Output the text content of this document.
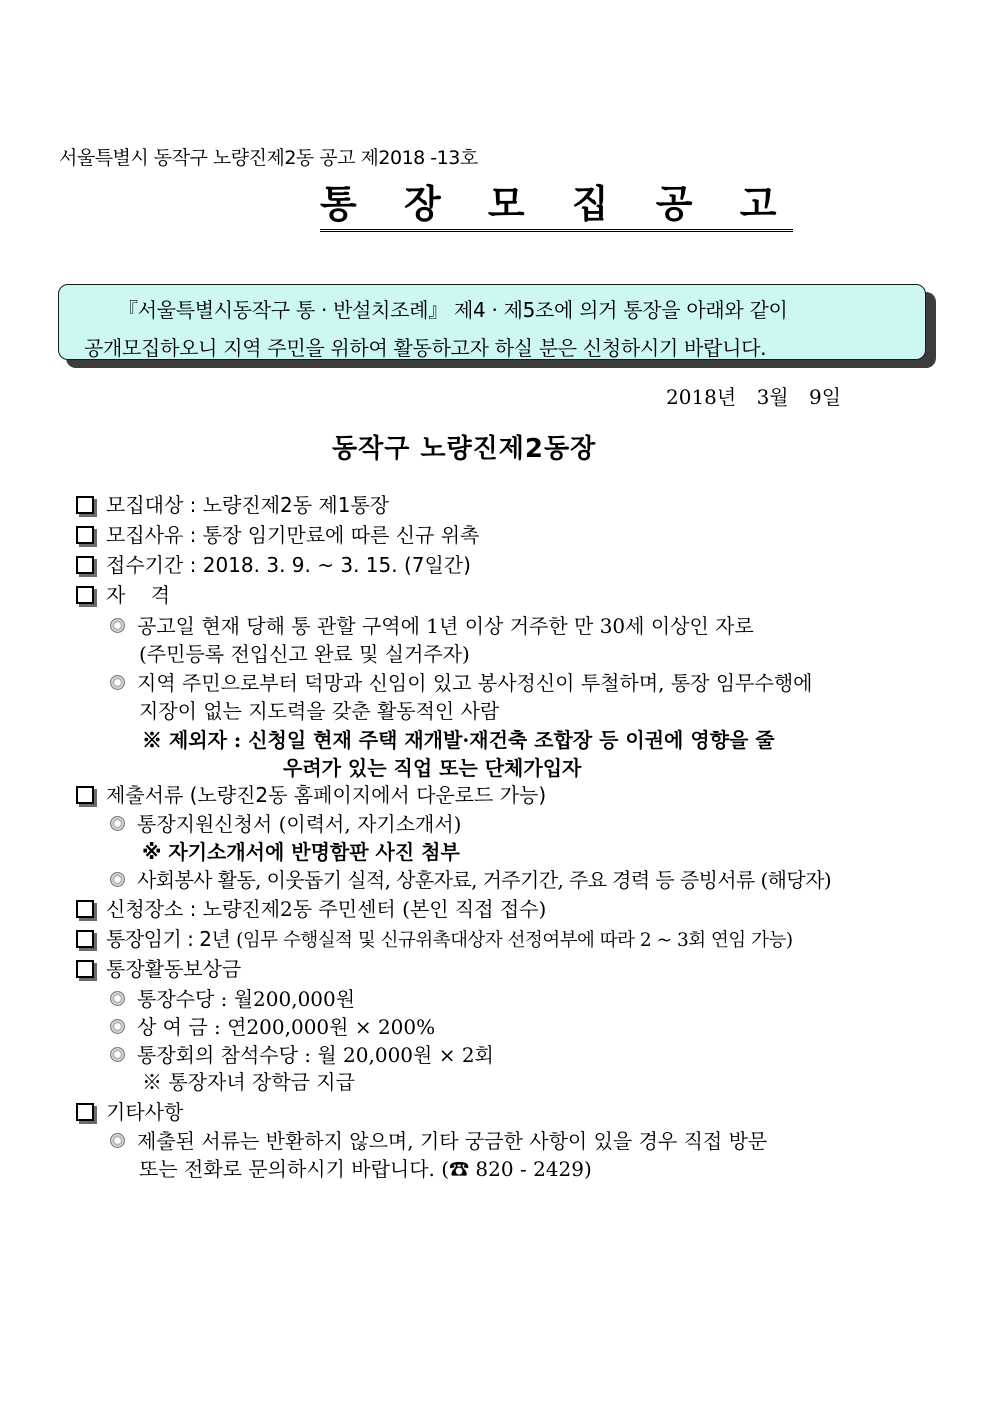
서울특별시 동작구 노량진제2동 공고 제2018 -13호
통 장 모 집 공 고
『서울특별시동작구 통 · 반설치조례』 제4 · 제5조에 의거 통장을 아래와 같이
공개모집하오니 지역 주민을 위하여 활동하고자 하실 분은 신청하시기 바랍니다.
2018년 3월 9일
동작구 노량진제2동장
모집대상 : 노량진제2동 제1통장
모집사유 : 통장 임기만료에 따른 신규 위촉
접수기간 : 2018. 3. 9. ~ 3. 15. (7일간)
자    격
공고일 현재 당해 통 관할 구역에 1년 이상 거주한 만 30세 이상인 자로
(주민등록 전입신고 완료 및 실거주자)
지역 주민으로부터 덕망과 신임이 있고 봉사정신이 투철하며, 통장 임무수행에
지장이 없는 지도력을 갖춘 활동적인 사람
※ 제외자 : 신청일 현재 주택 재개발·재건축 조합장 등 이권에 영향을 줄
우려가 있는 직업 또는 단체가입자
제출서류 (노량진2동 홈페이지에서 다운로드 가능)
통장지원신청서 (이력서, 자기소개서)
※ 자기소개서에 반명함판 사진 첨부
사회봉사 활동, 이웃돕기 실적, 상훈자료, 거주기간, 주요 경력 등 증빙서류 (해당자)
신청장소 : 노량진제2동 주민센터 (본인 직접 접수)
통장임기 : 2년 (임무 수행실적 및 신규위촉대상자 선정여부에 따라 2 ~ 3회 연임 가능)
통장활동보상금
통장수당 : 월200,000원
상 여 금 : 연200,000원 × 200%
통장회의 참석수당 : 월 20,000원 × 2회
※ 통장자녀 장학금 지급
기타사항
제출된 서류는 반환하지 않으며, 기타 궁금한 사항이 있을 경우 직접 방문
또는 전화로 문의하시기 바랍니다. (☎ 820 - 2429)
